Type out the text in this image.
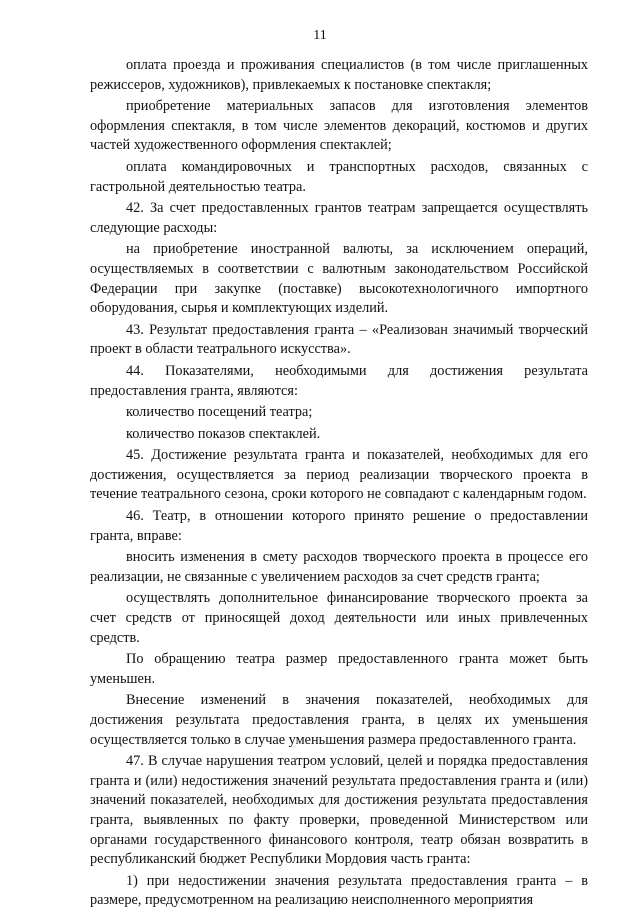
11

оплата проезда и проживания специалистов (в том числе приглашенных режиссеров, художников), привлекаемых к постановке спектакля;

приобретение материальных запасов для изготовления элементов оформления спектакля, в том числе элементов декораций, костюмов и других частей художественного оформления спектаклей;

оплата командировочных и транспортных расходов, связанных с гастрольной деятельностью театра.

42. За счет предоставленных грантов театрам запрещается осуществлять следующие расходы:

на приобретение иностранной валюты, за исключением операций, осуществляемых в соответствии с валютным законодательством Российской Федерации при закупке (поставке) высокотехнологичного импортного оборудования, сырья и комплектующих изделий.

43. Результат предоставления гранта – «Реализован значимый творческий проект в области театрального искусства».

44. Показателями, необходимыми для достижения результата предоставления гранта, являются:

количество посещений театра;

количество показов спектаклей.

45. Достижение результата гранта и показателей, необходимых для его достижения, осуществляется за период реализации творческого проекта в течение театрального сезона, сроки которого не совпадают с календарным годом.

46. Театр, в отношении которого принято решение о предоставлении гранта, вправе:

вносить изменения в смету расходов творческого проекта в процессе его реализации, не связанные с увеличением расходов за счет средств гранта;

осуществлять дополнительное финансирование творческого проекта за счет средств от приносящей доход деятельности или иных привлеченных средств.

По обращению театра размер предоставленного гранта может быть уменьшен.

Внесение изменений в значения показателей, необходимых для достижения результата предоставления гранта, в целях их уменьшения осуществляется только в случае уменьшения размера предоставленного гранта.

47. В случае нарушения театром условий, целей и порядка предоставления гранта и (или) недостижения значений результата предоставления гранта и (или) значений показателей, необходимых для достижения результата предоставления гранта, выявленных по факту проверки, проведенной Министерством или органами государственного финансового контроля, театр обязан возвратить в республиканский бюджет Республики Мордовия часть гранта:

1) при недостижении значения результата предоставления гранта – в размере, предусмотренном на реализацию неисполненного мероприятия
